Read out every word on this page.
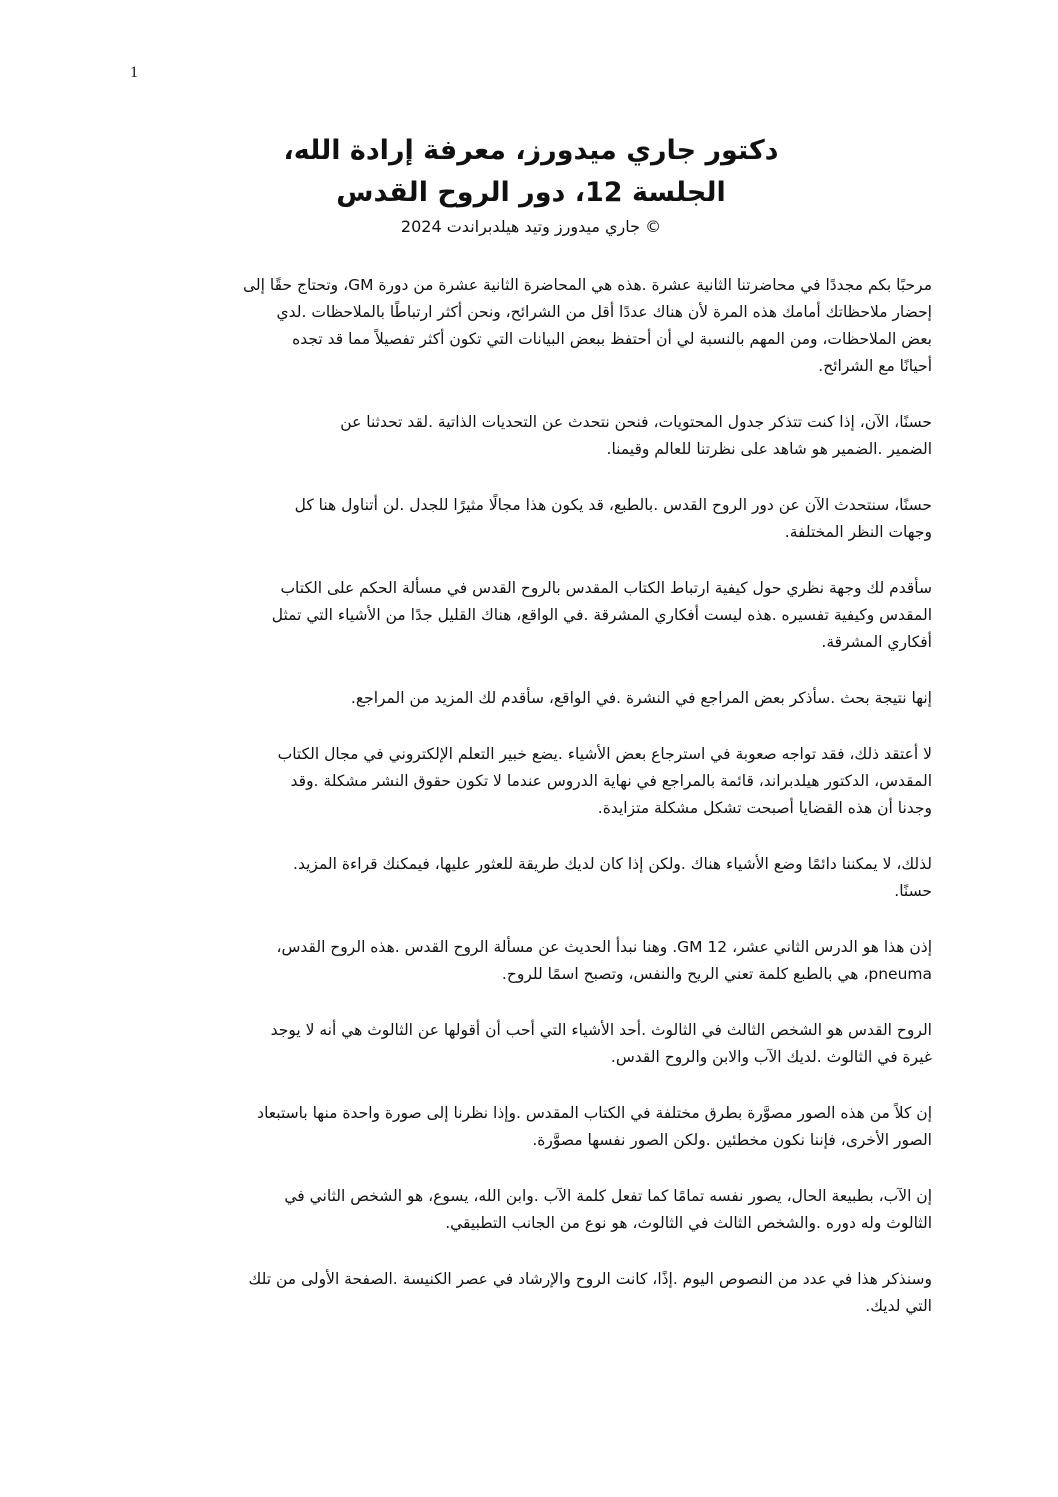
1
،دكتور جاري ميدورز، معرفة إرادة الله
الجلسة 12، دور الروح القدس
جاري ميدورز وتيد هيلدبراندت 2024 ©
وتحتاج حقًا إلى ،GM مرحبًا بكم مجددًا في محاضرتنا الثانية عشرة .هذه هي المحاضرة الثانية عشرة من دورة
إحضار ملاحظاتك أمامك هذه المرة لأن هناك عددًا أقل من الشرائح، ونحن أكثر ارتباطًا بالملاحظات .لدي
بعض الملاحظات، ومن المهم بالنسبة لي أن أحتفظ ببعض البيانات التي تكون أكثر تفصيلاً مما قد تجده
.أحيانًا مع الشرائح
حسنًا، الآن، إذا كنت تتذكر جدول المحتويات، فنحن نتحدث عن التحديات الذاتية .لقد تحدثنا عن
.الضمير .الضمير هو شاهد على نظرتنا للعالم وقيمنا
حسنًا، سنتحدث الآن عن دور الروح القدس .بالطبع، قد يكون هذا مجالًا مثيرًا للجدل .لن أتناول هنا كل
.وجهات النظر المختلفة
سأقدم لك وجهة نظري حول كيفية ارتباط الكتاب المقدس بالروح القدس في مسألة الحكم على الكتاب
المقدس وكيفية تفسيره .هذه ليست أفكاري المشرقة .في الواقع، هناك القليل جدًا من الأشياء التي تمثل
.أفكاري المشرقة
.إنها نتيجة بحث .سأذكر بعض المراجع في النشرة .في الواقع، سأقدم لك المزيد من المراجع
لا أعتقد ذلك، فقد تواجه صعوبة في استرجاع بعض الأشياء .يضع خبير التعلم الإلكتروني في مجال الكتاب
المقدس، الدكتور هيلدبراند، قائمة بالمراجع في نهاية الدروس عندما لا تكون حقوق النشر مشكلة .وقد
.وجدنا أن هذه القضايا أصبحت تشكل مشكلة متزايدة
.لذلك، لا يمكننا دائمًا وضع الأشياء هناك .ولكن إذا كان لديك طريقة للعثور عليها، فيمكنك قراءة المزيد
.حسنًا
،وهنا نبدأ الحديث عن مسألة الروح القدس .هذه الروح القدس .GM 12 ،إذن هذا هو الدرس الثاني عشر
.هي بالطبع كلمة تعني الريح والنفس، وتصبح اسمًا للروح ،pneuma
الروح القدس هو الشخص الثالث في الثالوث .أحد الأشياء التي أحب أن أقولها عن الثالوث هي أنه لا يوجد
.غيرة في الثالوث .لديك الآب والابن والروح القدس
إن كلاً من هذه الصور مصوَّرة بطرق مختلفة في الكتاب المقدس .وإذا نظرنا إلى صورة واحدة منها باستبعاد
.الصور الأخرى، فإننا نكون مخطئين .ولكن الصور نفسها مصوَّرة
إن الآب، بطبيعة الحال، يصور نفسه تمامًا كما تفعل كلمة الآب .وابن الله، يسوع، هو الشخص الثاني في
.الثالوث وله دوره .والشخص الثالث في الثالوث، هو نوع من الجانب التطبيقي
وسنذكر هذا في عدد من النصوص اليوم .إذًا، كانت الروح والإرشاد في عصر الكنيسة .الصفحة الأولى من تلك
.التي لديك
